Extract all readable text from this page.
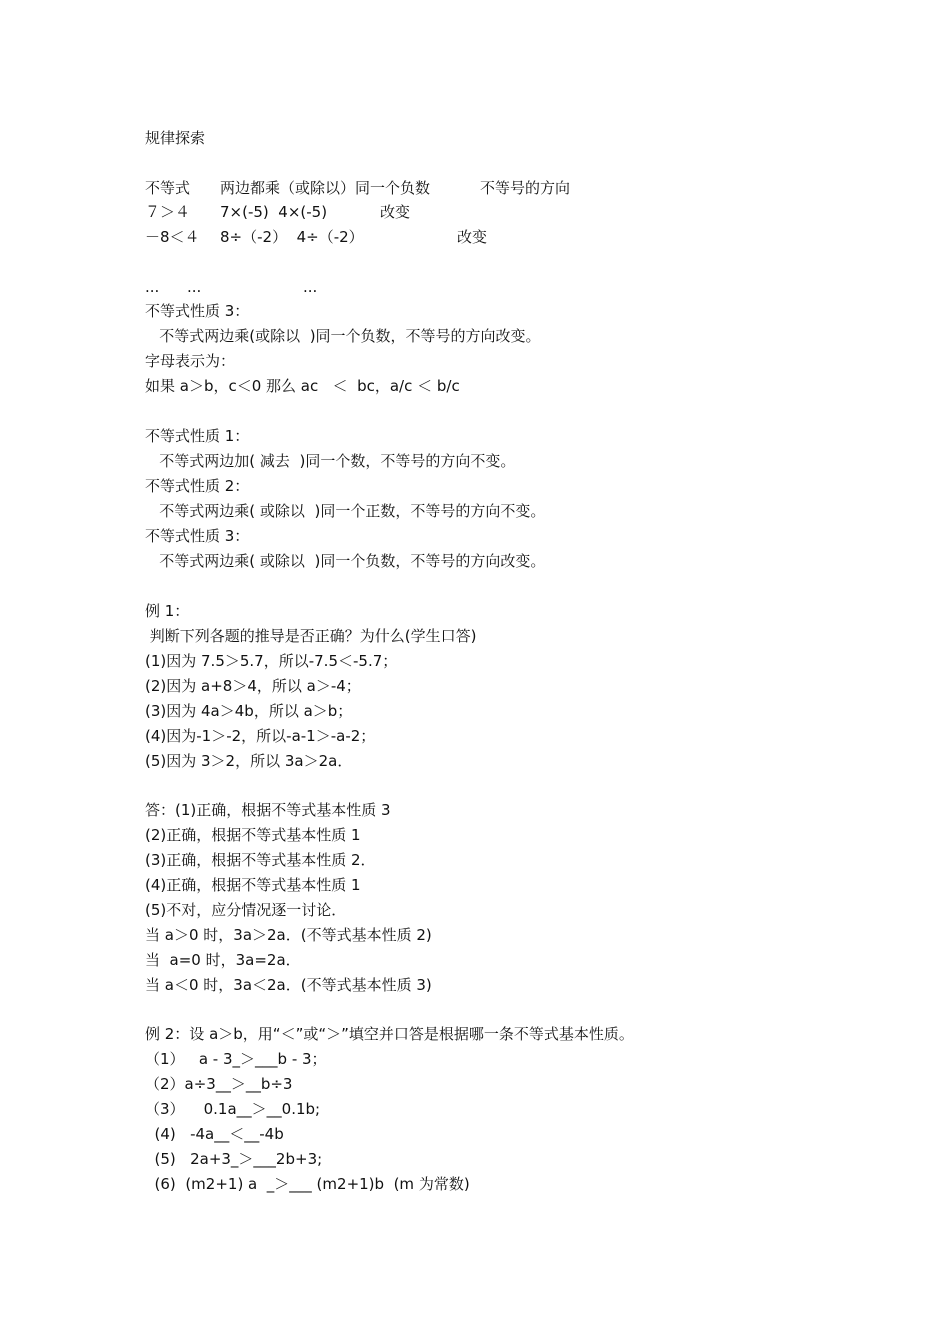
规律探索
不等式 两边都乘（或除以）同一个负数	不等号的方向
７＞４ 7×(-5)  4×(-5)	改变
－8＜４ 8÷（-2）  4÷（-2）	改变
... ...	...
不等式性质 3：
不等式两边乘(或除以  )同一个负数，不等号的方向改变。
字母表示为：
如果 a＞b，c＜0 那么 ac   ＜  bc，a/c ＜ b/c
不等式性质 1：
不等式两边加( 减去  )同一个数，不等号的方向不变。
不等式性质 2：
不等式两边乘( 或除以  )同一个正数，不等号的方向不变。
不等式性质 3：
不等式两边乘( 或除以  )同一个负数，不等号的方向改变。
例 1：
判断下列各题的推导是否正确？为什么(学生口答)
(1)因为 7.5＞5.7，所以-7.5＜-5.7；
(2)因为 a+8＞4，所以 a＞-4；
(3)因为 4a＞4b，所以 a＞b；
(4)因为-1＞-2，所以-a-1＞-a-2；
(5)因为 3＞2，所以 3a＞2a．
答：(1)正确，根据不等式基本性质 3
(2)正确，根据不等式基本性质 1
(3)正确，根据不等式基本性质 2．
(4)正确，根据不等式基本性质 1
(5)不对，应分情况逐一讨论．
当 a＞0 时，3a＞2a．(不等式基本性质 2)
当  a=0 时，3a=2a．
当 a＜0 时，3a＜2a．(不等式基本性质 3)
例 2：设 a＞b，用“＜”或“＞”填空并口答是根据哪一条不等式基本性质。
（1）   a - 3_＞___b - 3；
（2）a÷3__＞__b÷3
（3）    0.1a__＞__0.1b;
(4)   -4a__＜__-4b
(5)   2a+3_＞___2b+3;
(6)  (m2+1) a  _＞___ (m2+1)b  (m 为常数)
